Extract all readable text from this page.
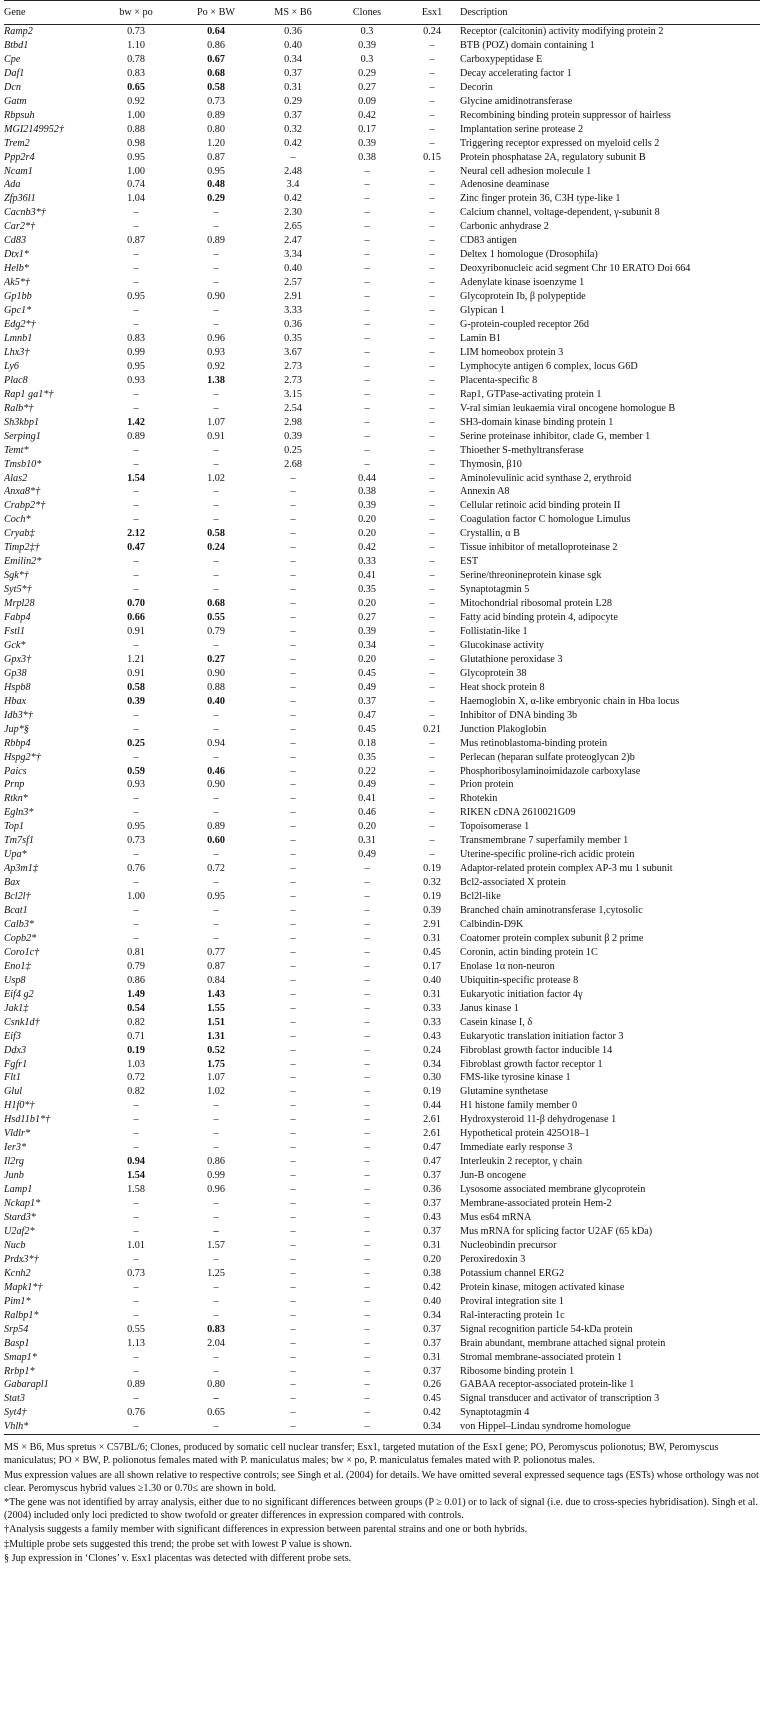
Gene	bw × po	Po × BW	MS × B6	Clones	Esx1	Description

Ramp2	0.73	0.64	0.36	0.3	0.24	Receptor (calcitonin) activity modifying protein 2
Btbd1	1.10	0.86	0.40	0.39	–	BTB (POZ) domain containing 1
Cpe	0.78	0.67	0.34	0.3	–	Carboxypeptidase E
Daf1	0.83	0.68	0.37	0.29	–	Decay accelerating factor 1
Dcn	0.65	0.58	0.31	0.27	–	Decorin
Gatm	0.92	0.73	0.29	0.09	–	Glycine amidinotransferase
Rbpsuh	1.00	0.89	0.37	0.42	–	Recombining binding protein suppressor of hairless
MGI2149952†	0.88	0.80	0.32	0.17	–	Implantation serine protease 2
Trem2	0.98	1.20	0.42	0.39	–	Triggering receptor expressed on myeloid cells 2
Ppp2r4	0.95	0.87	–	0.38	0.15	Protein phosphatase 2A, regulatory subunit B
Ncam1	1.00	0.95	2.48	–	–	Neural cell adhesion molecule 1
Ada	0.74	0.48	3.4	–	–	Adenosine deaminase
Zfp36l1	1.04	0.29	0.42	–	–	Zinc finger protein 36, C3H type-like 1
Cacnb3*†	–	–	2.30	–	–	Calcium channel, voltage-dependent, γ-subunit 8
Car2*†	–	–	2.65	–	–	Carbonic anhydrase 2
Cd83	0.87	0.89	2.47	–	–	CD83 antigen
Dtx1*	–	–	3.34	–	–	Deltex 1 homologue (Drosophila)
Helb*	–	–	0.40	–	–	Deoxyribonucleic acid segment Chr 10 ERATO Doi 664
Ak5*†	–	–	2.57	–	–	Adenylate kinase isoenzyme 1
Gp1bb	0.95	0.90	2.91	–	–	Glycoprotein Ib, β polypeptide
Gpc1*	–	–	3.33	–	–	Glypican 1
Edg2*†	–	–	0.36	–	–	G-protein-coupled receptor 26d
Lmnb1	0.83	0.96	0.35	–	–	Lamin B1
Lhx3†	0.99	0.93	3.67	–	–	LIM homeobox protein 3
Ly6	0.95	0.92	2.73	–	–	Lymphocyte antigen 6 complex, locus G6D
Plac8	0.93	1.38	2.73	–	–	Placenta-specific 8
Rap1 ga1*†	–	–	3.15	–	–	Rap1, GTPase-activating protein 1
Ralb*†	–	–	2.54	–	–	V-ral simian leukaemia viral oncogene homologue B
Sh3kbp1	1.42	1.07	2.98	–	–	SH3-domain kinase binding protein 1
Serping1	0.89	0.91	0.39	–	–	Serine proteinase inhibitor, clade G, member 1
Temt*	–	–	0.25	–	–	Thioether S-methyltransferase
Tmsb10*	–	–	2.68	–	–	Thymosin, β10
Alas2	1.54	1.02	–	0.44	–	Aminolevulinic acid synthase 2, erythroid
Anxa8*†	–	–	–	0.38	–	Annexin A8
Crabp2*†	–	–	–	0.39	–	Cellular retinoic acid binding protein II
Coch*	–	–	–	0.20	–	Coagulation factor C homologue Limulus
Cryab‡	2.12	0.58	–	0.20	–	Crystallin, α B
Timp2‡†	0.47	0.24	–	0.42	–	Tissue inhibitor of metalloproteinase 2
Emilin2*	–	–	–	0.33	–	EST
Sgk*†	–	–	–	0.41	–	Serine/threonineprotein kinase sgk
Syt5*†	–	–	–	0.35	–	Synaptotagmin 5
Mrpl28	0.70	0.68	–	0.20	–	Mitochondrial ribosomal protein L28
Fabp4	0.66	0.55	–	0.27	–	Fatty acid binding protein 4, adipocyte
Fstl1	0.91	0.79	–	0.39	–	Follistatin-like 1
Gck*	–	–	–	0.34	–	Glucokinase activity
Gpx3†	1.21	0.27	–	0.20	–	Glutathione peroxidase 3
Gp38	0.91	0.90	–	0.45	–	Glycoprotein 38
Hspb8	0.58	0.88	–	0.49	–	Heat shock protein 8
Hbax	0.39	0.40	–	0.37	–	Haemoglobin X, α-like embryonic chain in Hba locus
Idb3*†	–	–	–	0.47	–	Inhibitor of DNA binding 3b
Jup*§	–	–	–	0.45	0.21	Junction Plakoglobin
Rbbp4	0.25	0.94	–	0.18	–	Mus retinoblastoma-binding protein
Hspg2*†	–	–	–	0.35	–	Perlecan (heparan sulfate proteoglycan 2)b
Paics	0.59	0.46	–	0.22	–	Phosphoribosylaminoimidazole carboxylase
Prnp	0.93	0.90	–	0.49	–	Prion protein
Rtkn*	–	–	–	0.41	–	Rhotekin
Egln3*	–	–	–	0.46	–	RIKEN cDNA 2610021G09
Top1	0.95	0.89	–	0.20	–	Topoisomerase 1
Tm7sf1	0.73	0.60	–	0.31	–	Transmembrane 7 superfamily member 1
Upa*	–	–	–	0.49	–	Uterine-specific proline-rich acidic protein
Ap3m1‡	0.76	0.72	–	–	0.19	Adaptor-related protein complex AP-3 mu 1 subunit
Bax	–	–	–	–	0.32	Bcl2-associated X protein
Bcl2l†	1.00	0.95	–	–	0.19	Bcl2l-like
Bcat1	–	–	–	–	0.39	Branched chain aminotransferase 1,cytosolic
Calb3*	–	–	–	–	2.91	Calbindin-D9K
Copb2*	–	–	–	–	0.31	Coatomer protein complex subunit β 2 prime
Coro1c†	0.81	0.77	–	–	0.45	Coronin, actin binding protein 1C
Eno1‡	0.79	0.87	–	–	0.17	Enolase 1α non-neuron
Usp8	0.86	0.84	–	–	0.40	Ubiquitin-specific protease 8
Eif4 g2	1.49	1.43	–	–	0.31	Eukaryotic initiation factor 4γ
Jak1‡	0.54	1.55	–	–	0.33	Janus kinase 1
Csnk1d†	0.82	1.51	–	–	0.33	Casein kinase I, δ
Eif3	0.71	1.31	–	–	0.43	Eukaryotic translation initiation factor 3
Ddx3	0.19	0.52	–	–	0.24	Fibroblast growth factor inducible 14
Fgfr1	1.03	1.75	–	–	0.34	Fibroblast growth factor receptor 1
Flt1	0.72	1.07	–	–	0.30	FMS-like tyrosine kinase 1
Glul	0.82	1.02	–	–	0.19	Glutamine synthetase
H1f0*†	–	–	–	–	0.44	H1 histone family member 0
Hsd11b1*†	–	–	–	–	2.61	Hydroxysteroid 11-β dehydrogenase 1
Vldlr*	–	–	–	–	2.61	Hypothetical protein 425O18–1
Ier3*	–	–	–	–	0.47	Immediate early response 3
Il2rg	0.94	0.86	–	–	0.47	Interleukin 2 receptor, γ chain
Junb	1.54	0.99	–	–	0.37	Jun-B oncogene
Lamp1	1.58	0.96	–	–	0.36	Lysosome associated membrane glycoprotein
Nckap1*	–	–	–	–	0.37	Membrane-associated protein Hem-2
Stard3*	–	–	–	–	0.43	Mus es64 mRNA
U2af2*	–	–	–	–	0.37	Mus mRNA for splicing factor U2AF (65 kDa)
Nucb	1.01	1.57	–	–	0.31	Nucleobindin precursor
Prdx3*†	–	–	–	–	0.20	Peroxiredoxin 3
Kcnh2	0.73	1.25	–	–	0.38	Potassium channel ERG2
Mapk1*†	–	–	–	–	0.42	Protein kinase, mitogen activated kinase
Pim1*	–	–	–	–	0.40	Proviral integration site 1
Ralbp1*	–	–	–	–	0.34	Ral-interacting protein 1c
Srp54	0.55	0.83	–	–	0.37	Signal recognition particle 54-kDa protein
Basp1	1.13	2.04	–	–	0.37	Brain abundant, membrane attached signal protein
Smap1*	–	–	–	–	0.31	Stromal membrane-associated protein 1
Rrbp1*	–	–	–	–	0.37	Ribosome binding protein 1
Gabarapl1	0.89	0.80	–	–	0.26	GABAA receptor-associated protein-like 1
Stat3	–	–	–	–	0.45	Signal transducer and activator of transcription 3
Syt4†	0.76	0.65	–	–	0.42	Synaptotagmin 4
Vhlh*	–	–	–	–	0.34	von Hippel–Lindau syndrome homologue

MS × B6, Mus spretus × C57BL/6; Clones, produced by somatic cell nuclear transfer; Esx1, targeted mutation of the Esx1 gene; PO, Peromyscus polionotus; BW, Peromyscus maniculatus; PO × BW, P. polionotus females mated with P. maniculatus males; bw × po, P. maniculatus females mated with P. polionotus males.

Mus expression values are all shown relative to respective controls; see Singh et al. (2004) for details. We have omitted several expressed sequence tags (ESTs) whose orthology was not clear. Peromyscus hybrid values ≥1.30 or 0.70≤ are shown in bold.

*The gene was not identified by array analysis, either due to no significant differences between groups (P ≥ 0.01) or to lack of signal (i.e. due to cross-species hybridisation). Singh et al. (2004) included only loci predicted to show twofold or greater differences in expression compared with controls.

†Analysis suggests a family member with significant differences in expression between parental strains and one or both hybrids.

‡Multiple probe sets suggested this trend; the probe set with lowest P value is shown.

§ Jup expression in ‘Clones’ v. Esx1 placentas was detected with different probe sets.
